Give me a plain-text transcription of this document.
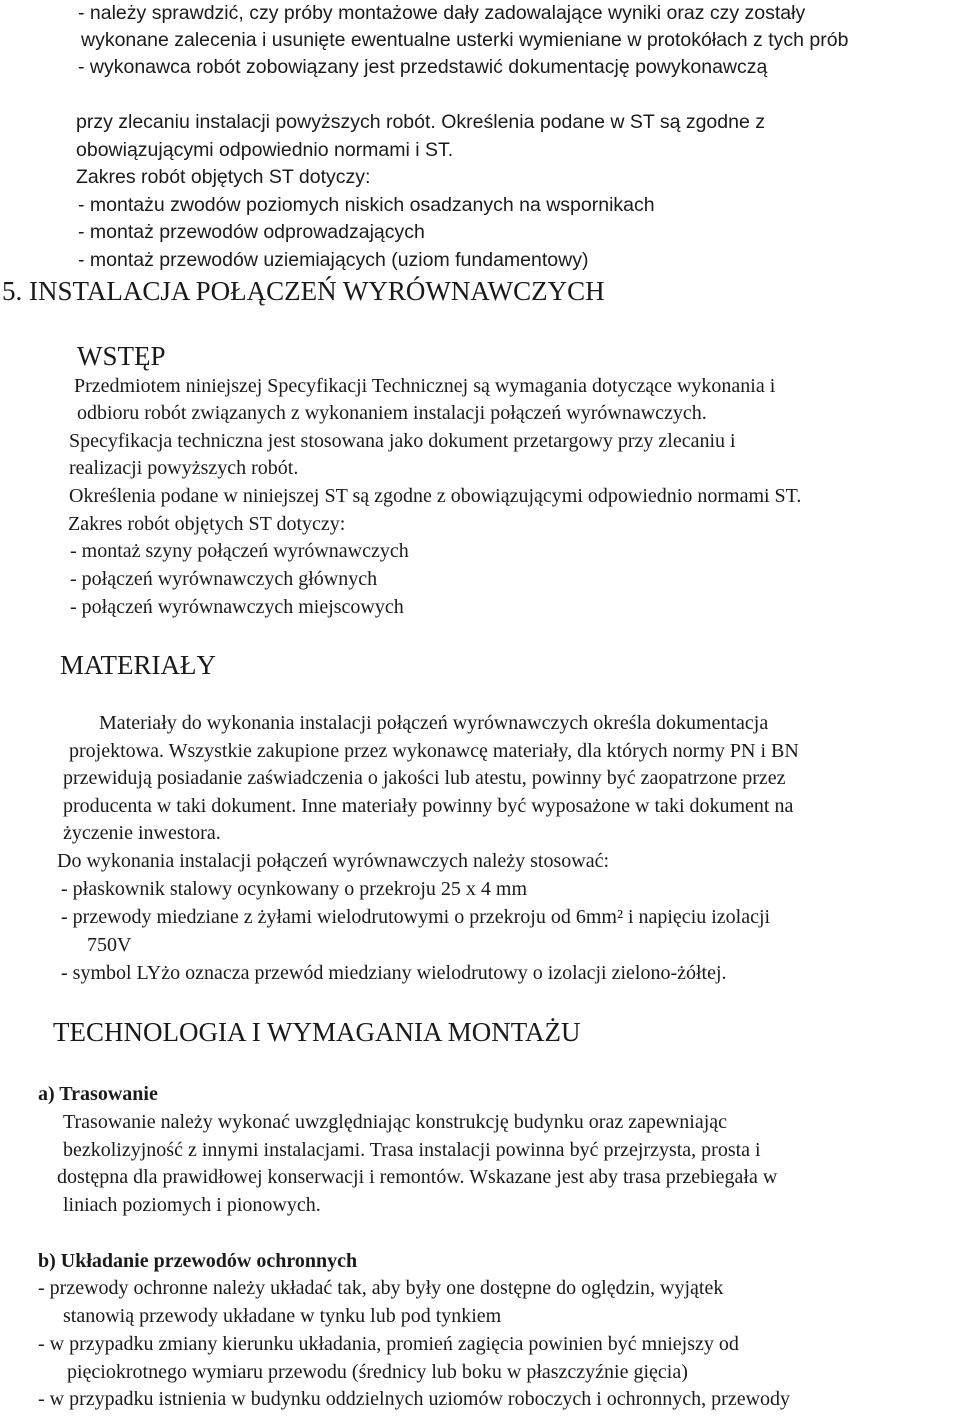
- należy sprawdzić, czy próby montażowe dały zadowalające wyniki oraz czy zostały
wykonane zalecenia i usunięte ewentualne usterki wymieniane w protokółach z tych prób
- wykonawca robót zobowiązany jest przedstawić dokumentację powykonawczą
przy zlecaniu instalacji powyższych robót. Określenia podane w ST są zgodne z
obowiązującymi odpowiednio normami i ST.
Zakres robót objętych ST dotyczy:
- montażu zwodów poziomych niskich osadzanych na wspornikach
- montaż przewodów odprowadzających
- montaż przewodów uziemiających (uziom fundamentowy)
5. INSTALACJA POŁĄCZEŃ WYRÓWNAWCZYCH
WSTĘP
Przedmiotem niniejszej Specyfikacji Technicznej są wymagania dotyczące wykonania i
odbioru robót związanych z wykonaniem instalacji połączeń wyrównawczych.
Specyfikacja techniczna jest stosowana jako dokument przetargowy przy zlecaniu i
realizacji powyższych robót.
Określenia podane w niniejszej ST są zgodne z obowiązującymi odpowiednio normami ST.
Zakres robót objętych ST dotyczy:
- montaż szyny połączeń wyrównawczych
- połączeń wyrównawczych głównych
- połączeń wyrównawczych miejscowych
MATERIAŁY
Materiały do wykonania instalacji połączeń wyrównawczych określa dokumentacja
projektowa. Wszystkie zakupione przez wykonawcę materiały, dla których normy PN i BN
przewidują posiadanie zaświadczenia o jakości lub atestu, powinny być zaopatrzone przez
producenta w taki dokument. Inne materiały powinny być wyposażone w taki dokument na
życzenie inwestora.
Do wykonania instalacji połączeń wyrównawczych należy stosować:
- płaskownik stalowy ocynkowany o przekroju 25 x 4 mm
- przewody miedziane z żyłami wielodrutowymi o przekroju od 6mm² i napięciu izolacji
750V
- symbol LYżo oznacza przewód miedziany wielodrutowy o izolacji zielono-żółtej.
TECHNOLOGIA I WYMAGANIA MONTAŻU
a) Trasowanie
Trasowanie należy wykonać uwzględniając konstrukcję budynku oraz zapewniając
bezkolizyjność z innymi instalacjami. Trasa instalacji powinna być przejrzysta, prosta i
dostępna dla prawidłowej konserwacji i remontów. Wskazane jest aby trasa przebiegała w
liniach poziomych i pionowych.
b) Układanie przewodów ochronnych
- przewody ochronne należy układać tak, aby były one dostępne do oględzin, wyjątek
stanowią przewody układane w tynku lub pod tynkiem
- w przypadku zmiany kierunku układania, promień zagięcia powinien być mniejszy od
pięciokrotnego wymiaru przewodu (średnicy lub boku w płaszczyźnie gięcia)
- w przypadku istnienia w budynku oddzielnych uziomów roboczych i ochronnych, przewody
